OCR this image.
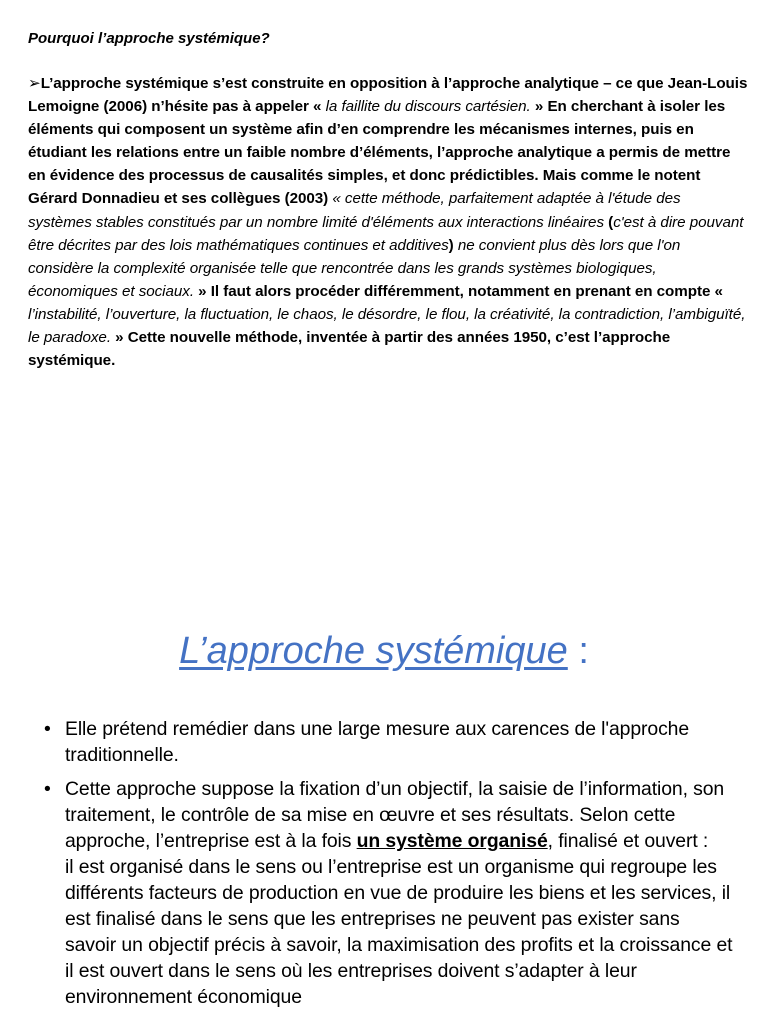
Pourquoi l’approche systémique?
➢L’approche systémique s’est construite en opposition à l’approche analytique – ce que Jean-Louis Lemoigne (2006) n’hésite pas à appeler « la faillite du discours cartésien. » En cherchant à isoler les éléments qui composent un système afin d’en comprendre les mécanismes internes, puis en étudiant les relations entre un faible nombre d’éléments, l’approche analytique a permis de mettre en évidence des processus de causalités simples, et donc prédictibles. Mais comme le notent Gérard Donnadieu et ses collègues (2003) « cette méthode, parfaitement adaptée à l'étude des systèmes stables constitués par un nombre limité d'éléments aux interactions linéaires (c'est à dire pouvant être décrites par des lois mathématiques continues et additives) ne convient plus dès lors que l'on considère la complexité organisée telle que rencontrée dans les grands systèmes biologiques, économiques et sociaux. » Il faut alors procéder différemment, notamment en prenant en compte « l’instabilité, l’ouverture, la fluctuation, le chaos, le désordre, le flou, la créativité, la contradiction, l’ambiguïté, le paradoxe. » Cette nouvelle méthode, inventée à partir des années 1950, c’est l’approche systémique.
L’approche systémique :
• Elle prétend remédier dans une large mesure aux carences de l'approche traditionnelle.
• Cette approche suppose la fixation d’un objectif, la saisie de l’information, son traitement, le contrôle de sa mise en œuvre et ses résultats. Selon cette approche, l’entreprise est à la fois un système organisé, finalisé et ouvert :
il est organisé dans le sens ou l’entreprise est un organisme qui regroupe les différents facteurs de production en vue de produire les biens et les services, il est finalisé dans le sens que les entreprises ne peuvent pas exister sans savoir un objectif précis à savoir, la maximisation des profits et la croissance et il est ouvert dans le sens où les entreprises doivent s’adapter à leur environnement économique
